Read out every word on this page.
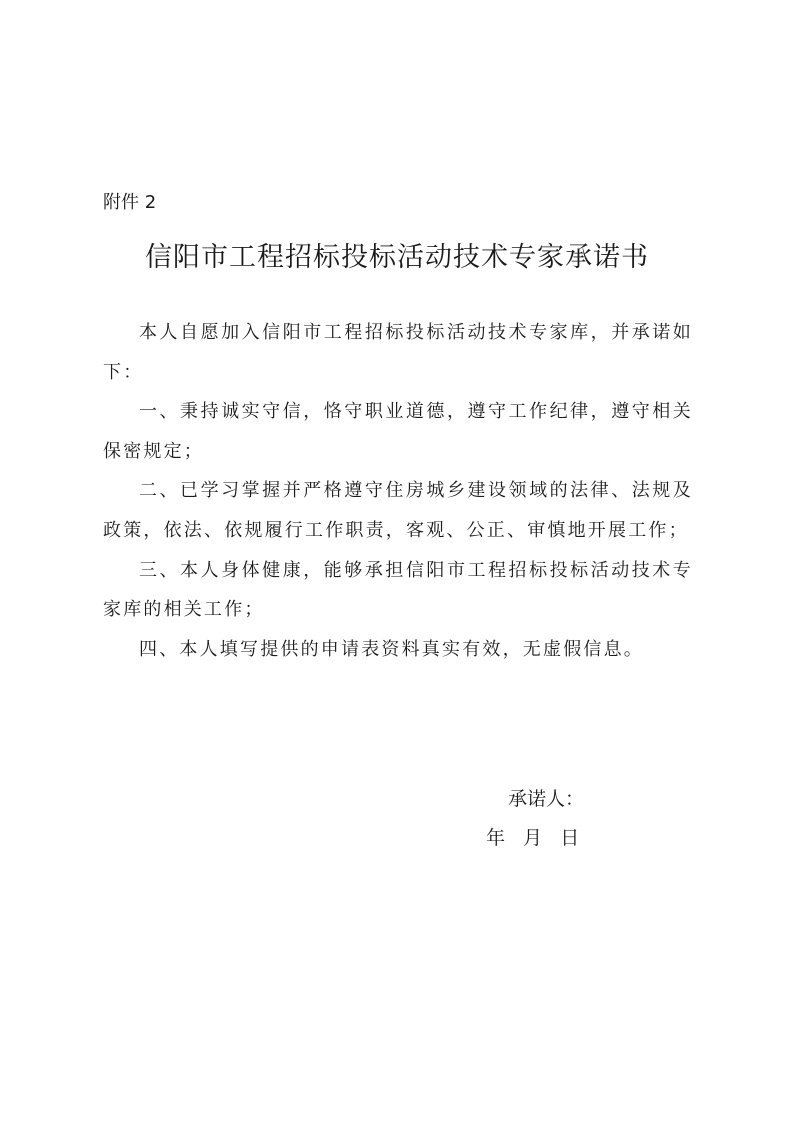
附件 2
信阳市工程招标投标活动技术专家承诺书

本人自愿加入信阳市工程招标投标活动技术专家库，并承诺如下：

一、秉持诚实守信，恪守职业道德，遵守工作纪律，遵守相关保密规定；

二、已学习掌握并严格遵守住房城乡建设领域的法律、法规及政策，依法、依规履行工作职责，客观、公正、审慎地开展工作；

三、本人身体健康，能够承担信阳市工程招标投标活动技术专家库的相关工作；

四、本人填写提供的申请表资料真实有效，无虚假信息。

承诺人：
年   月   日
